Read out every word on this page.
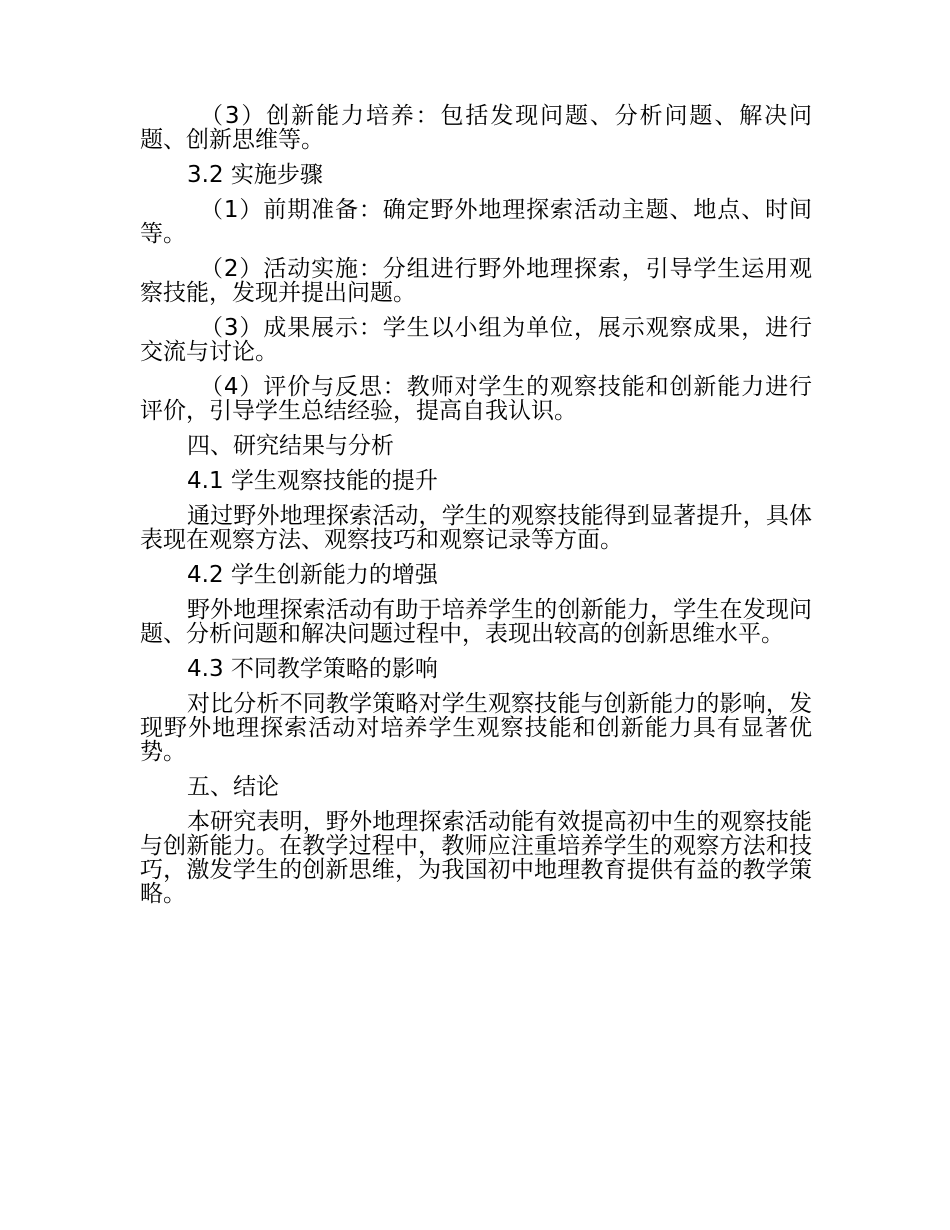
（3）创新能力培养：包括发现问题、分析问题、解决问题、创新思维等。

3.2 实施步骤

（1）前期准备：确定野外地理探索活动主题、地点、时间等。

（2）活动实施：分组进行野外地理探索，引导学生运用观察技能，发现并提出问题。

（3）成果展示：学生以小组为单位，展示观察成果，进行交流与讨论。

（4）评价与反思：教师对学生的观察技能和创新能力进行评价，引导学生总结经验，提高自我认识。

四、研究结果与分析

4.1 学生观察技能的提升

通过野外地理探索活动，学生的观察技能得到显著提升，具体表现在观察方法、观察技巧和观察记录等方面。

4.2 学生创新能力的增强

野外地理探索活动有助于培养学生的创新能力，学生在发现问题、分析问题和解决问题过程中，表现出较高的创新思维水平。

4.3 不同教学策略的影响

对比分析不同教学策略对学生观察技能与创新能力的影响，发现野外地理探索活动对培养学生观察技能和创新能力具有显著优势。

五、结论

本研究表明，野外地理探索活动能有效提高初中生的观察技能与创新能力。在教学过程中，教师应注重培养学生的观察方法和技巧，激发学生的创新思维，为我国初中地理教育提供有益的教学策略。
